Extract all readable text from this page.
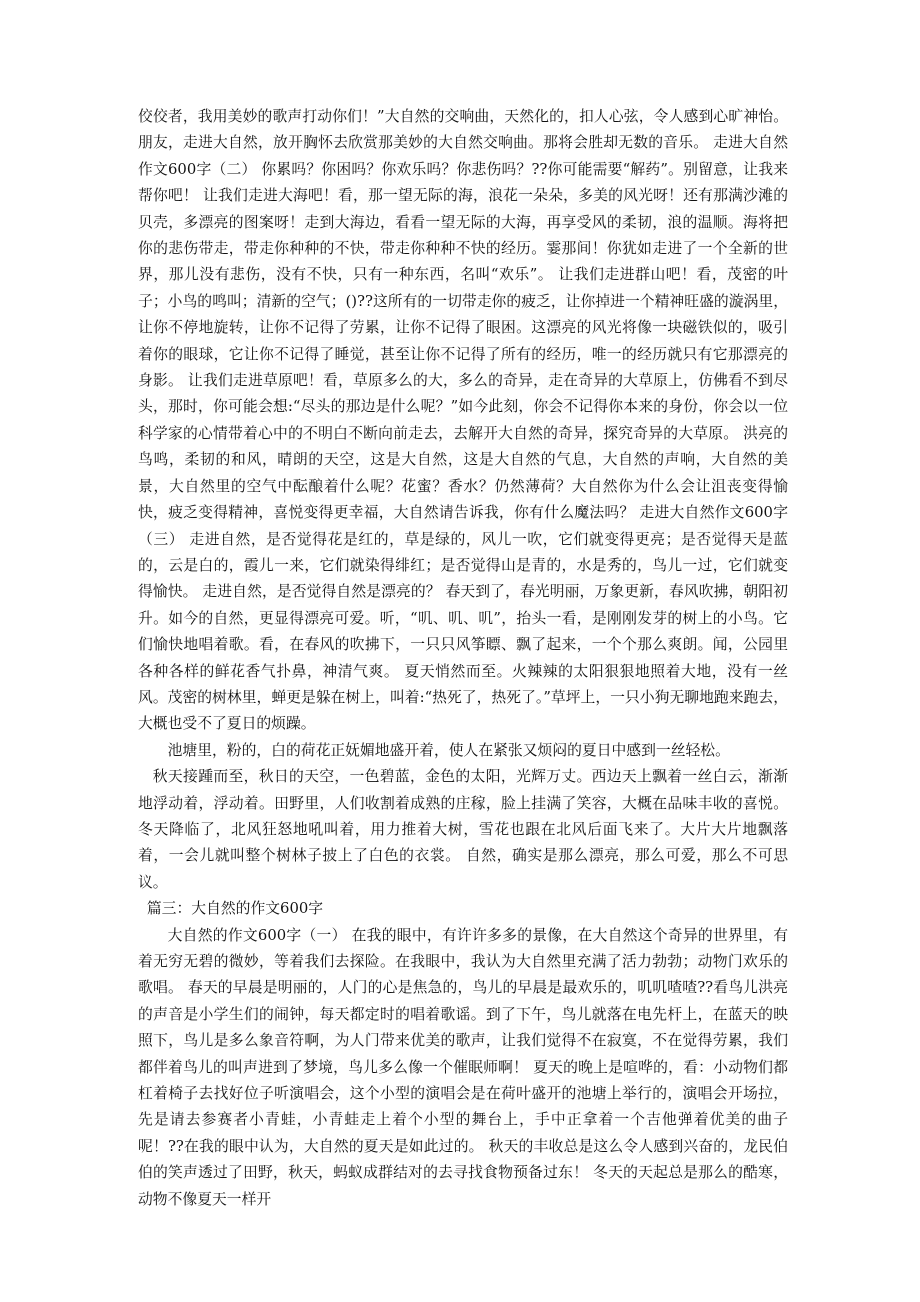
佼佼者，我用美妙的歌声打动你们！”大自然的交响曲，天然化的，扣人心弦，令人感到心旷神怡。朋友，走进大自然，放开胸怀去欣赏那美妙的大自然交响曲。那将会胜却无数的音乐。 走进大自然作文600字（二） 你累吗？你困吗？你欢乐吗？你悲伤吗？??你可能需要“解药”。别留意，让我来帮你吧！ 让我们走进大海吧！看，那一望无际的海，浪花一朵朵，多美的风光呀！还有那满沙滩的贝壳，多漂亮的图案呀！走到大海边，看看一望无际的大海，再享受风的柔韧，浪的温顺。海将把你的悲伤带走，带走你种种的不快，带走你种种不快的经历。霎那间！你犹如走进了一个全新的世界，那儿没有悲伤，没有不快，只有一种东西，名叫“欢乐”。 让我们走进群山吧！看，茂密的叶子；小鸟的鸣叫；清新的空气；()??这所有的一切带走你的疲乏，让你掉进一个精神旺盛的漩涡里，让你不停地旋转，让你不记得了劳累，让你不记得了眼困。这漂亮的风光将像一块磁铁似的，吸引着你的眼球，它让你不记得了睡觉，甚至让你不记得了所有的经历，唯一的经历就只有它那漂亮的身影。 让我们走进草原吧！看，草原多么的大，多么的奇异，走在奇异的大草原上，仿佛看不到尽头，那时，你可能会想:“尽头的那边是什么呢？”如今此刻，你会不记得你本来的身份，你会以一位科学家的心情带着心中的不明白不断向前走去，去解开大自然的奇异，探究奇异的大草原。 洪亮的鸟鸣，柔韧的和风，晴朗的天空，这是大自然，这是大自然的气息，大自然的声响，大自然的美景，大自然里的空气中酝酿着什么呢？花蜜？香水？仍然薄荷？大自然你为什么会让沮丧变得愉快，疲乏变得精神，喜悦变得更幸福，大自然请告诉我，你有什么魔法吗？ 走进大自然作文600字（三） 走进自然，是否觉得花是红的，草是绿的，风儿一吹，它们就变得更亮；是否觉得天是蓝的，云是白的，霞儿一来，它们就染得绯红；是否觉得山是青的，水是秀的，鸟儿一过，它们就变得愉快。 走进自然，是否觉得自然是漂亮的？ 春天到了，春光明丽，万象更新，春风吹拂，朝阳初升。如今的自然，更显得漂亮可爱。听，“叽、叽、叽”，抬头一看，是刚刚发芽的树上的小鸟。它们愉快地唱着歌。看，在春风的吹拂下，一只只风筝瞟、飘了起来，一个个那么爽朗。闻，公园里各种各样的鲜花香气扑鼻，神清气爽。 夏天悄然而至。火辣辣的太阳狠狠地照着大地，没有一丝风。茂密的树林里，蝉更是躲在树上，叫着:“热死了，热死了。”草坪上，一只小狗无聊地跑来跑去，大概也受不了夏日的烦躁。

池塘里，粉的，白的荷花正妩媚地盛开着，使人在紧张又烦闷的夏日中感到一丝轻松。

秋天接踵而至，秋日的天空，一色碧蓝，金色的太阳，光辉万丈。西边天上飘着一丝白云，渐渐地浮动着，浮动着。田野里，人们收割着成熟的庄稼，脸上挂满了笑容，大概在品味丰收的喜悦。 冬天降临了，北风狂怒地吼叫着，用力推着大树，雪花也跟在北风后面飞来了。大片大片地飘落着，一会儿就叫整个树林子披上了白色的衣裳。 自然，确实是那么漂亮，那么可爱，那么不可思议。

篇三：大自然的作文600字

大自然的作文600字（一） 在我的眼中，有许许多多的景像，在大自然这个奇异的世界里，有着无穷无碧的微妙，等着我们去探险。在我眼中，我认为大自然里充满了活力勃勃；动物门欢乐的歌唱。 春天的早晨是明丽的，人门的心是焦急的，鸟儿的早晨是最欢乐的，叽叽喳喳??看鸟儿洪亮的声音是小学生们的闹钟，每天都定时的唱着歌谣。到了下午，鸟儿就落在电先杆上，在蓝天的映照下，鸟儿是多么象音符啊，为人门带来优美的歌声，让我们觉得不在寂寞，不在觉得劳累，我们都伴着鸟儿的叫声进到了梦境，鸟儿多么像一个催眠师啊！ 夏天的晚上是喧哗的，看：小动物们都杠着椅子去找好位子听演唱会，这个小型的演唱会是在荷叶盛开的池塘上举行的，演唱会开场拉，先是请去参赛者小青蛙，小青蛙走上着个小型的舞台上，手中正拿着一个吉他弹着优美的曲子呢！??在我的眼中认为，大自然的夏天是如此过的。 秋天的丰收总是这么令人感到兴奋的，龙民伯伯的笑声透过了田野，秋天，蚂蚁成群结对的去寻找食物预备过东！ 冬天的天起总是那么的酷寒，动物不像夏天一样开
